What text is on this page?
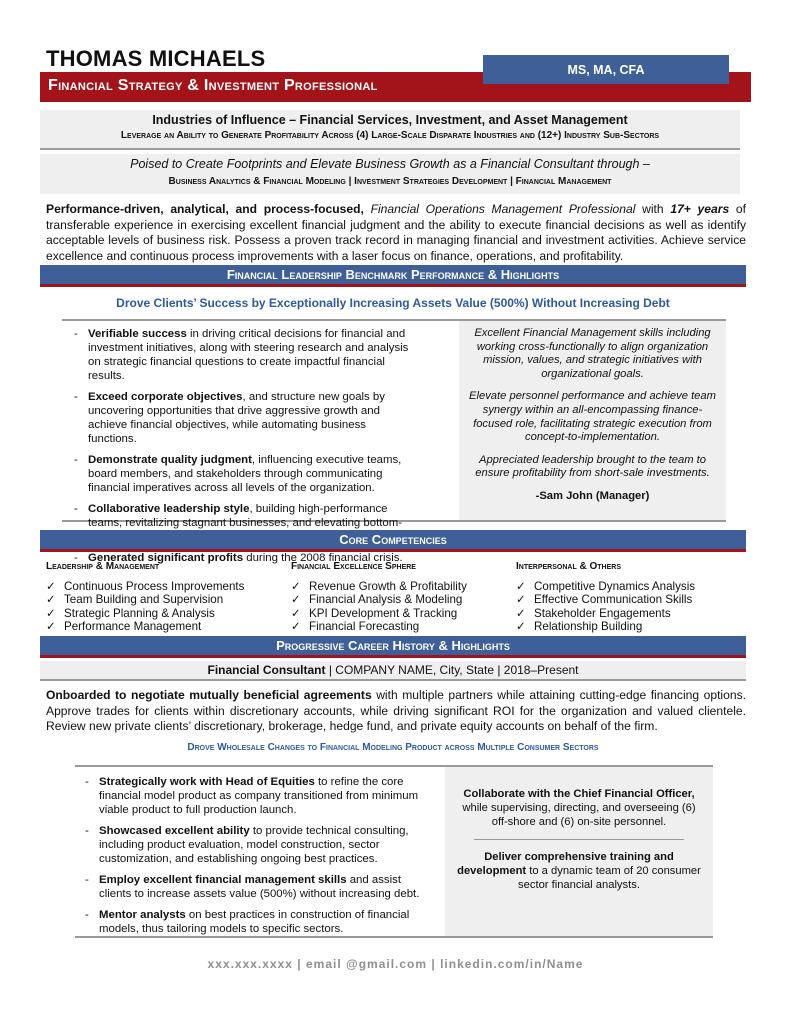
THOMAS MICHAELS
Financial Strategy & Investment Professional
MS, MA, CFA
Industries of Influence – Financial Services, Investment, and Asset Management
Leverage an Ability to Generate Profitability Across (4) Large-Scale Disparate Industries and (12+) Industry Sub-Sectors
Poised to Create Footprints and Elevate Business Growth as a Financial Consultant through –
Business Analytics & Financial Modeling | Investment Strategies Development | Financial Management
Performance-driven, analytical, and process-focused, Financial Operations Management Professional with 17+ years of transferable experience in exercising excellent financial judgment and the ability to execute financial decisions as well as identify acceptable levels of business risk. Possess a proven track record in managing financial and investment activities. Achieve service excellence and continuous process improvements with a laser focus on finance, operations, and profitability.
Financial Leadership Benchmark Performance & Highlights
Drove Clients’ Success by Exceptionally Increasing Assets Value (500%) Without Increasing Debt
- Verifiable success in driving critical decisions for financial and investment initiatives, along with steering research and analysis on strategic financial questions to create impactful financial results.
- Exceed corporate objectives, and structure new goals by uncovering opportunities that drive aggressive growth and achieve financial objectives, while automating business functions.
- Demonstrate quality judgment, influencing executive teams, board members, and stakeholders through communicating financial imperatives across all levels of the organization.
- Collaborative leadership style, building high-performance teams, revitalizing stagnant businesses, and elevating bottom-
- Generated significant profits during the 2008 financial crisis.
Excellent Financial Management skills including working cross-functionally to align organization mission, values, and strategic initiatives with organizational goals.
Elevate personnel performance and achieve team synergy within an all-encompassing finance-focused role, facilitating strategic execution from concept-to-implementation.
Appreciated leadership brought to the team to ensure profitability from short-sale investments.
-Sam John (Manager)
Core Competencies
Leadership & Management
✓ Continuous Process Improvements
✓ Team Building and Supervision
✓ Strategic Planning & Analysis
✓ Performance Management
Financial Excellence Sphere
✓ Revenue Growth & Profitability
✓ Financial Analysis & Modeling
✓ KPI Development & Tracking
✓ Financial Forecasting
Interpersonal & Others
✓ Competitive Dynamics Analysis
✓ Effective Communication Skills
✓ Stakeholder Engagements
✓ Relationship Building
Progressive Career History & Highlights
Financial Consultant | COMPANY NAME, City, State | 2018–Present
Onboarded to negotiate mutually beneficial agreements with multiple partners while attaining cutting-edge financing options. Approve trades for clients within discretionary accounts, while driving significant ROI for the organization and valued clientele. Review new private clients’ discretionary, brokerage, hedge fund, and private equity accounts on behalf of the firm.
Drove Wholesale Changes to Financial Modeling Product across Multiple Consumer Sectors
- Strategically work with Head of Equities to refine the core financial model product as company transitioned from minimum viable product to full production launch.
- Showcased excellent ability to provide technical consulting, including product evaluation, model construction, sector customization, and establishing ongoing best practices.
- Employ excellent financial management skills and assist clients to increase assets value (500%) without increasing debt.
- Mentor analysts on best practices in construction of financial models, thus tailoring models to specific sectors.
Collaborate with the Chief Financial Officer, while supervising, directing, and overseeing (6) off-shore and (6) on-site personnel.
Deliver comprehensive training and development to a dynamic team of 20 consumer sector financial analysts.
xxx.xxx.xxxx | email @gmail.com | linkedin.com/in/Name
